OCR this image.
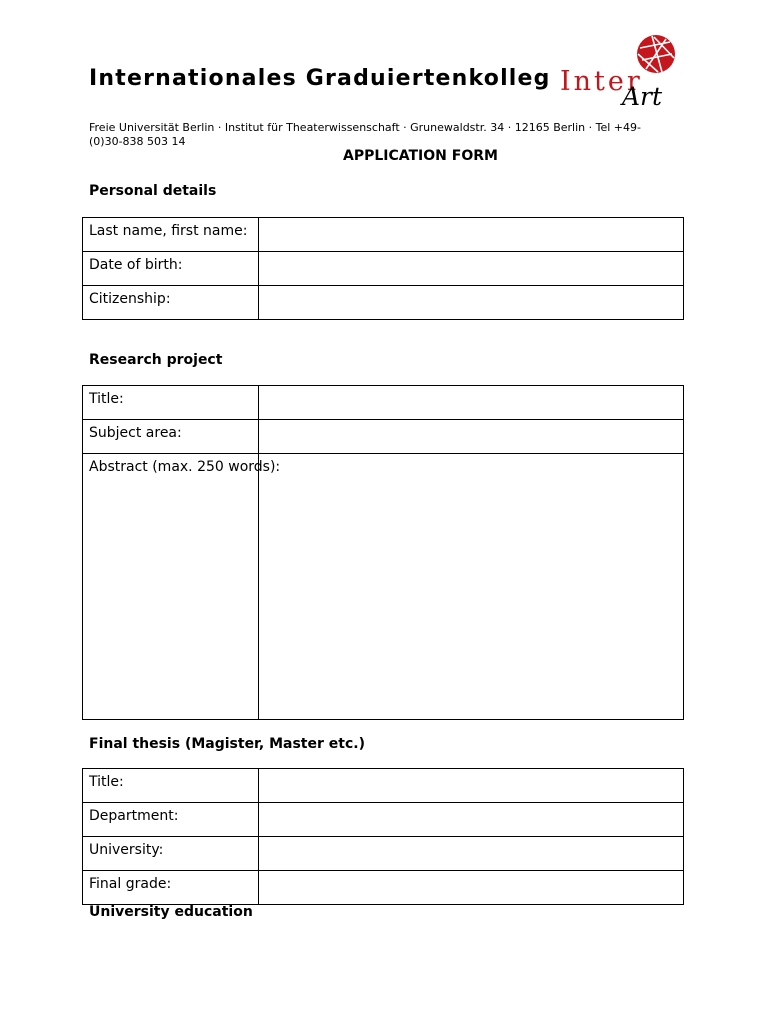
Internationales Graduiertenkolleg Inter
Art
Freie Universität Berlin · Institut für Theaterwissenschaft · Grunewaldstr. 34 · 12165 Berlin · Tel +49-(0)30-838 503 14
APPLICATION FORM
Personal details
Last name, first name:	
Date of birth:	
Citizenship:	
Research project
Title:	
Subject area:	
Abstract (max. 250 words):	
Final thesis (Magister, Master etc.)
Title:	
Department:	
University:	
Final grade:	
University education
